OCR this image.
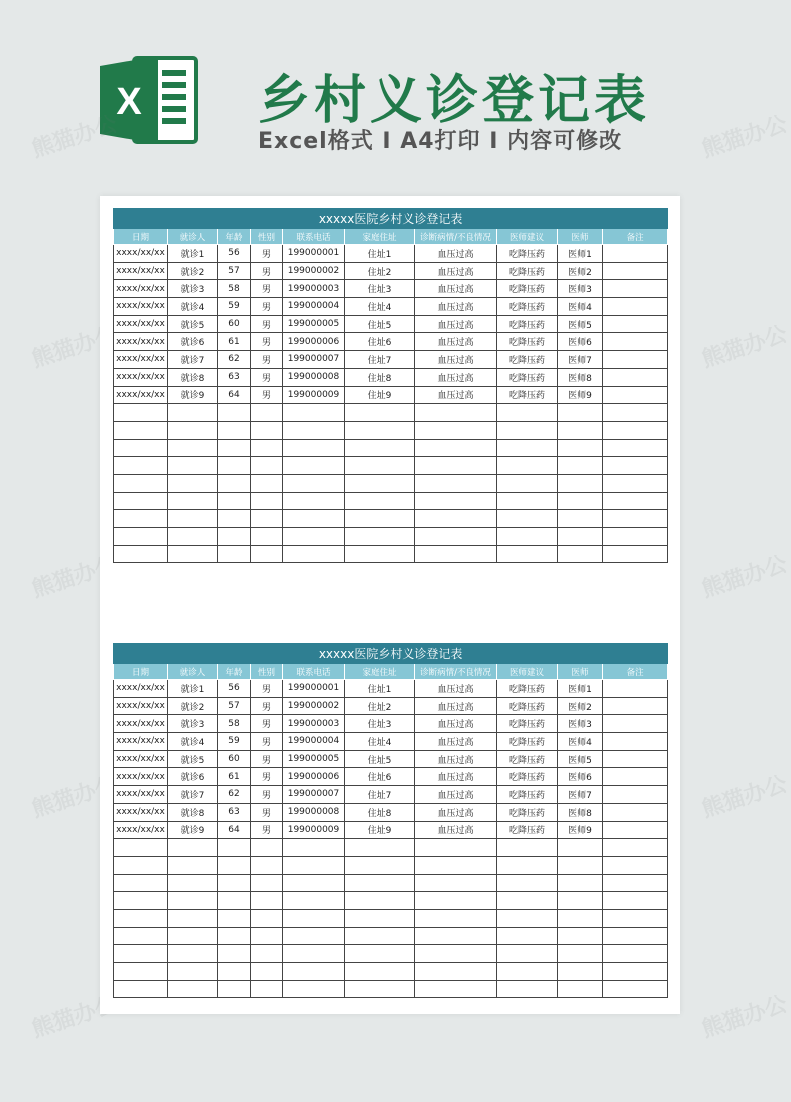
X 乡村义诊登记表
Excel格式 I A4打印 I 内容可修改
熊猫办公	熊猫办公
熊猫办公	熊猫办公
熊猫办公	熊猫办公
熊猫办公	熊猫办公
熊猫办公	熊猫办公
xxxxx医院乡村义诊登记表									
日期	就诊人	年龄	性别	联系电话	家庭住址	诊断病情/不良情况	医师建议	医师	备注
xxxx/xx/xx	就诊1	56	男	199000001	住址1	血压过高	吃降压药	医师1	
xxxx/xx/xx	就诊2	57	男	199000002	住址2	血压过高	吃降压药	医师2	
xxxx/xx/xx	就诊3	58	男	199000003	住址3	血压过高	吃降压药	医师3	
xxxx/xx/xx	就诊4	59	男	199000004	住址4	血压过高	吃降压药	医师4	
xxxx/xx/xx	就诊5	60	男	199000005	住址5	血压过高	吃降压药	医师5	
xxxx/xx/xx	就诊6	61	男	199000006	住址6	血压过高	吃降压药	医师6	
xxxx/xx/xx	就诊7	62	男	199000007	住址7	血压过高	吃降压药	医师7	
xxxx/xx/xx	就诊8	63	男	199000008	住址8	血压过高	吃降压药	医师8	
xxxx/xx/xx	就诊9	64	男	199000009	住址9	血压过高	吃降压药	医师9	

xxxxx医院乡村义诊登记表									
日期	就诊人	年龄	性别	联系电话	家庭住址	诊断病情/不良情况	医师建议	医师	备注
xxxx/xx/xx	就诊1	56	男	199000001	住址1	血压过高	吃降压药	医师1	
xxxx/xx/xx	就诊2	57	男	199000002	住址2	血压过高	吃降压药	医师2	
xxxx/xx/xx	就诊3	58	男	199000003	住址3	血压过高	吃降压药	医师3	
xxxx/xx/xx	就诊4	59	男	199000004	住址4	血压过高	吃降压药	医师4	
xxxx/xx/xx	就诊5	60	男	199000005	住址5	血压过高	吃降压药	医师5	
xxxx/xx/xx	就诊6	61	男	199000006	住址6	血压过高	吃降压药	医师6	
xxxx/xx/xx	就诊7	62	男	199000007	住址7	血压过高	吃降压药	医师7	
xxxx/xx/xx	就诊8	63	男	199000008	住址8	血压过高	吃降压药	医师8	
xxxx/xx/xx	就诊9	64	男	199000009	住址9	血压过高	吃降压药	医师9	
